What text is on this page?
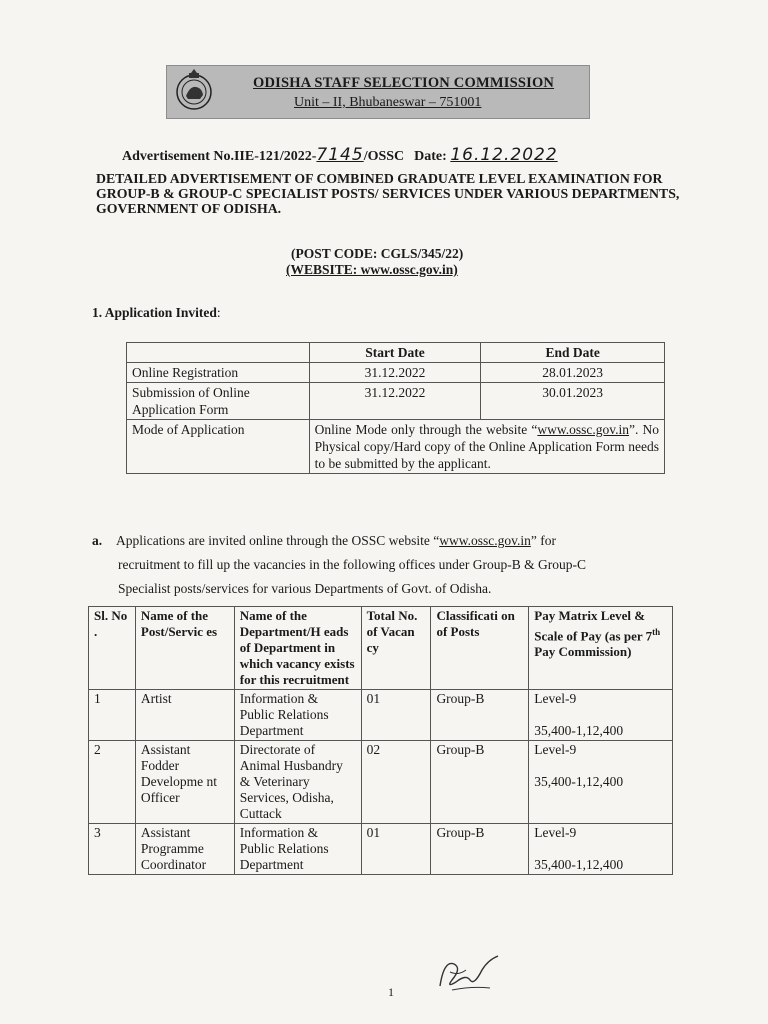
ODISHA STAFF SELECTION COMMISSION
Unit – II, Bhubaneswar – 751001
Advertisement No.IIE-121/2022-7145/OSSC Date: 16.12.2022
DETAILED ADVERTISEMENT OF COMBINED GRADUATE LEVEL EXAMINATION FOR GROUP-B & GROUP-C SPECIALIST POSTS/ SERVICES UNDER VARIOUS DEPARTMENTS, GOVERNMENT OF ODISHA.
(POST CODE: CGLS/345/22)
(WEBSITE: www.ossc.gov.in)
1. Application Invited:
	Start Date	End Date
Online Registration	31.12.2022	28.01.2023
Submission of Online Application Form	31.12.2022	30.01.2023
Mode of Application	Online Mode only through the website “www.ossc.gov.in”. No Physical copy/Hard copy of the Online Application Form needs to be submitted by the applicant.	
a. Applications are invited online through the OSSC website “www.ossc.gov.in” for
recruitment to fill up the vacancies in the following offices under Group-B & Group-C
Specialist posts/services for various Departments of Govt. of Odisha.
Sl. No .	Name of the Post/Servic es	Name of the Department/H eads of Department in which vacancy exists for this recruitment	Total No. of Vacan cy	Classificati on of Posts	Pay Matrix Level & Scale of Pay (as per 7th Pay Commission)
1	Artist	Information & Public Relations Department	01	Group-B	Level-9
35,400-1,12,400

2	Assistant Fodder Developme nt Officer	Directorate of Animal Husbandry & Veterinary Services, Odisha, Cuttack	02	Group-B	Level-9
35,400-1,12,400

3	Assistant Programme Coordinator	Information & Public Relations Department	01	Group-B	Level-9
35,400-1,12,400
1
